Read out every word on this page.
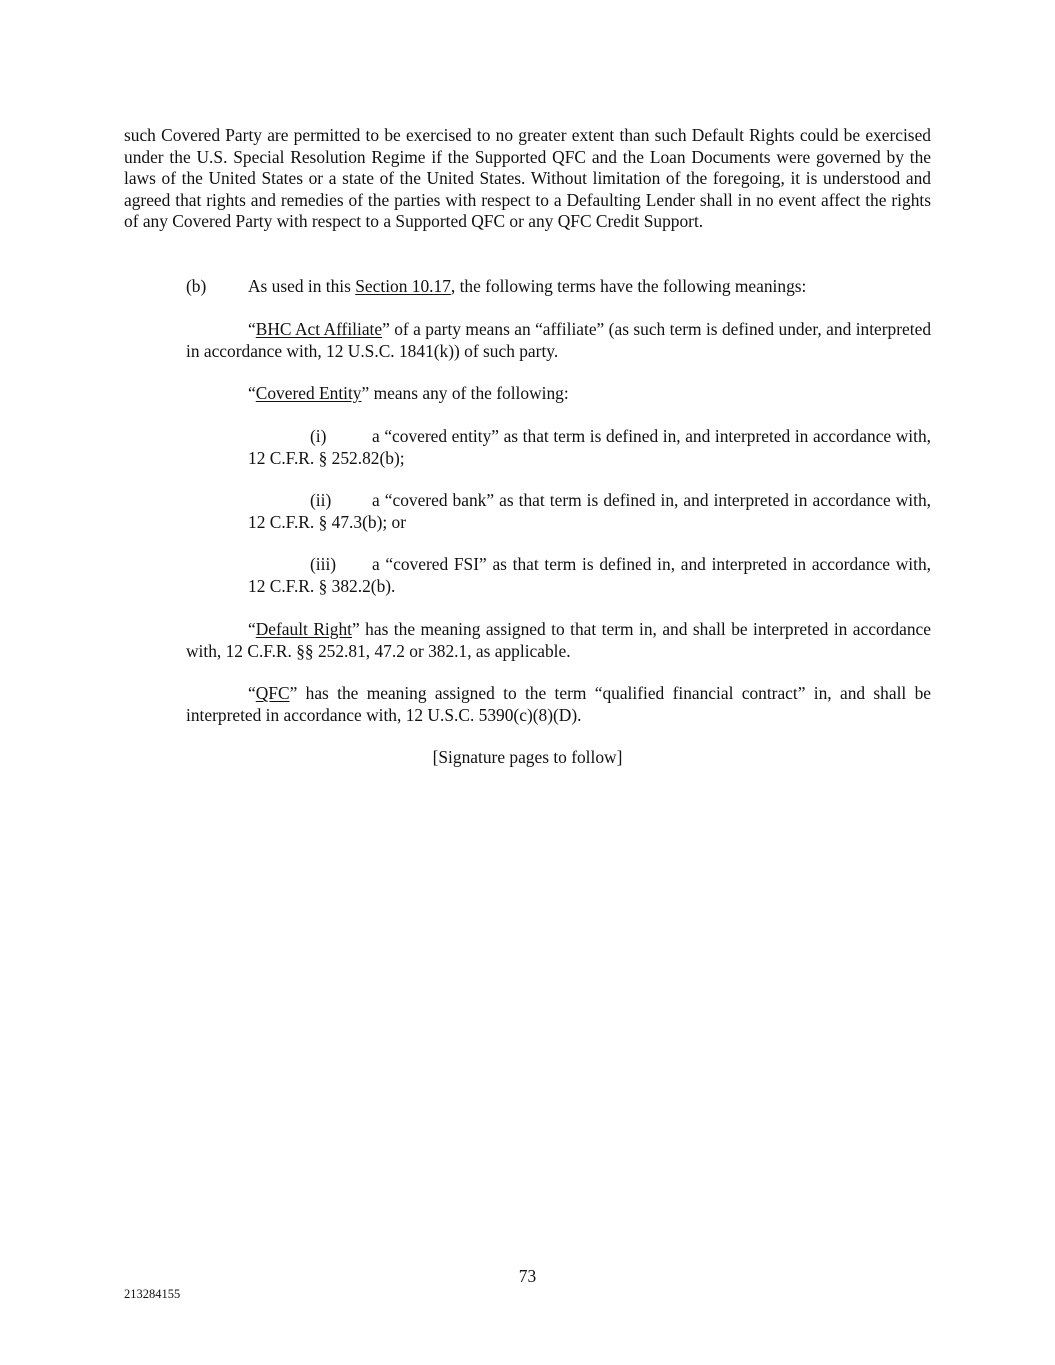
such Covered Party are permitted to be exercised to no greater extent than such Default Rights could be exercised under the U.S. Special Resolution Regime if the Supported QFC and the Loan Documents were governed by the laws of the United States or a state of the United States. Without limitation of the foregoing, it is understood and agreed that rights and remedies of the parties with respect to a Defaulting Lender shall in no event affect the rights of any Covered Party with respect to a Supported QFC or any QFC Credit Support.

(b) As used in this Section 10.17, the following terms have the following meanings:

“BHC Act Affiliate” of a party means an “affiliate” (as such term is defined under, and interpreted in accordance with, 12 U.S.C. 1841(k)) of such party.

“Covered Entity” means any of the following:

(i)	a “covered entity” as that term is defined in, and interpreted in accordance with, 12 C.F.R. § 252.82(b);

(ii) a “covered bank” as that term is defined in, and interpreted in accordance with, 12 C.F.R. § 47.3(b); or

(iii) a “covered FSI” as that term is defined in, and interpreted in accordance with, 12 C.F.R. § 382.2(b).

“Default Right” has the meaning assigned to that term in, and shall be interpreted in accordance with, 12 C.F.R. §§ 252.81, 47.2 or 382.1, as applicable.

“QFC” has the meaning assigned to the term “qualified financial contract” in, and shall be interpreted in accordance with, 12 U.S.C. 5390(c)(8)(D).

[Signature pages to follow]
73
213284155
